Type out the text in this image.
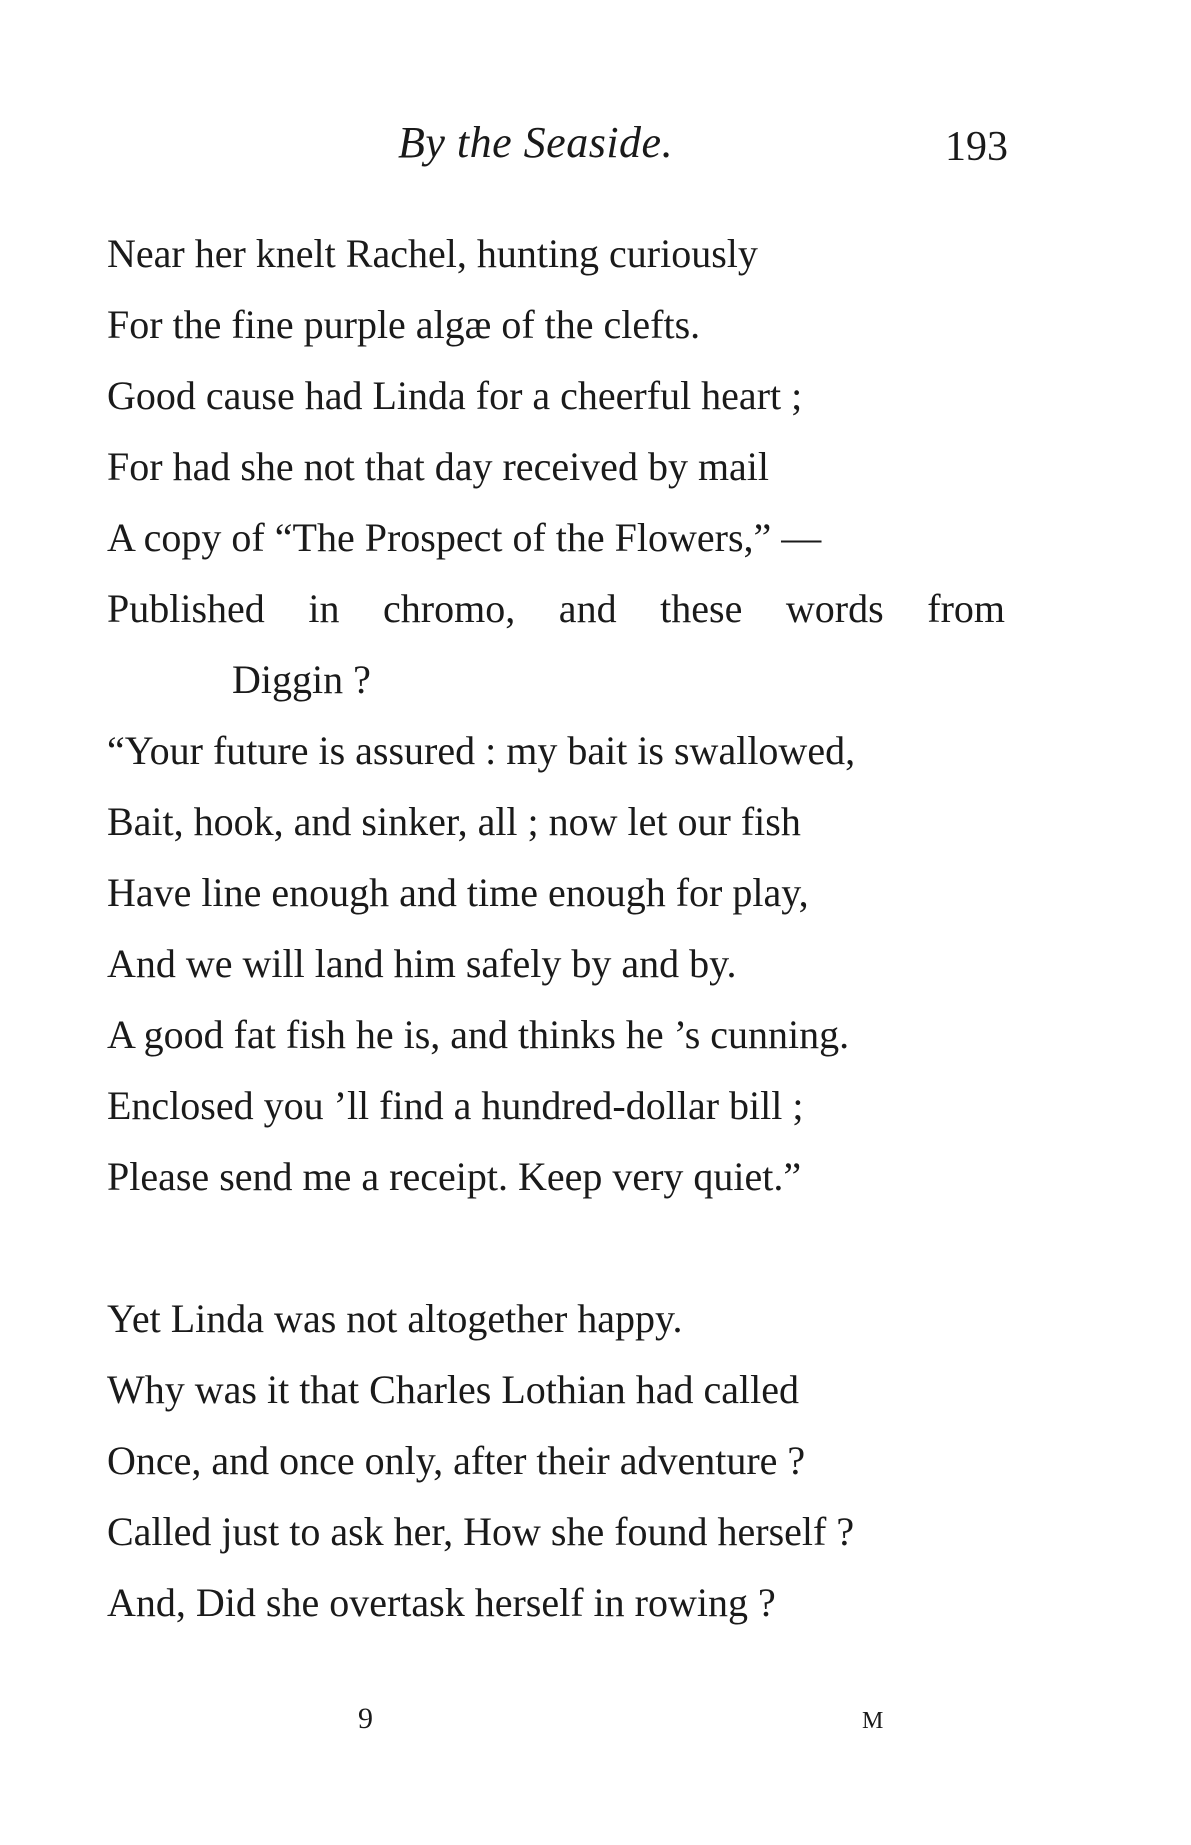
By the Seaside.	193
Near her knelt Rachel, hunting curiously
For the fine purple algæ of the clefts.
Good cause had Linda for a cheerful heart ;
For had she not that day received by mail
A copy of “The Prospect of the Flowers,” —
Published in chromo, and these words from
Diggin ?
“Your future is assured : my bait is swallowed,
Bait, hook, and sinker, all ; now let our fish
Have line enough and time enough for play,
And we will land him safely by and by.
A good fat fish he is, and thinks he ’s cunning.
Enclosed you ’ll find a hundred-dollar bill ;
Please send me a receipt. Keep very quiet.”
Yet Linda was not altogether happy.
Why was it that Charles Lothian had called
Once, and once only, after their adventure ?
Called just to ask her, How she found herself ?
And, Did she overtask herself in rowing ?
9	M
